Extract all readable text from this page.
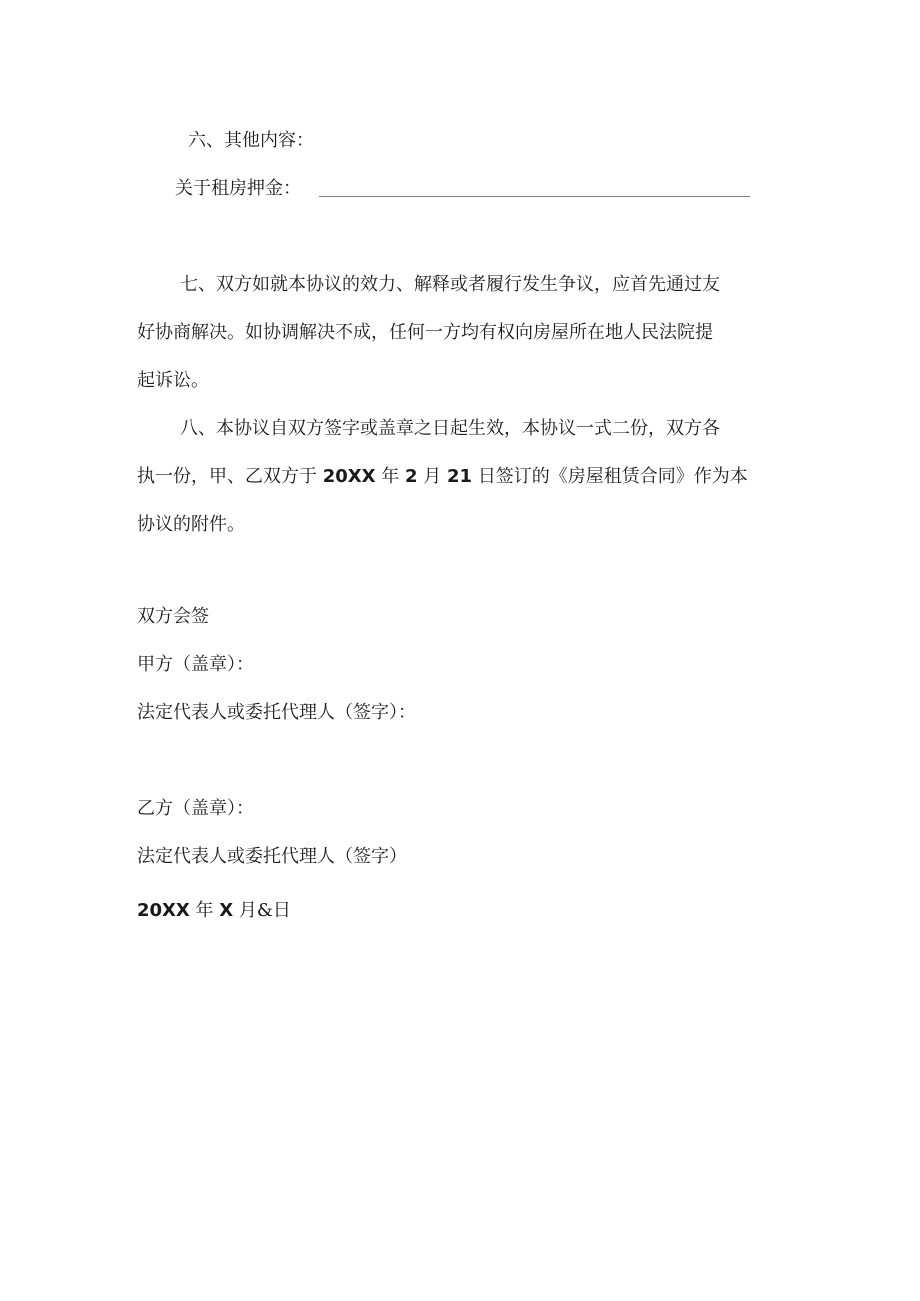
六、其他内容：
关于租房押金：
七、双方如就本协议的效力、解释或者履行发生争议，应首先通过友
好协商解决。如协调解决不成，任何一方均有权向房屋所在地人民法院提
起诉讼。
八、本协议自双方签字或盖章之日起生效，本协议一式二份，双方各
执一份，甲、乙双方于 20XX 年 2 月 21 日签订的《房屋租赁合同》作为本
协议的附件。
双方会签
甲方（盖章）：
法定代表人或委托代理人（签字）：
乙方（盖章）：
法定代表人或委托代理人（签字）
20XX 年 X 月&日
